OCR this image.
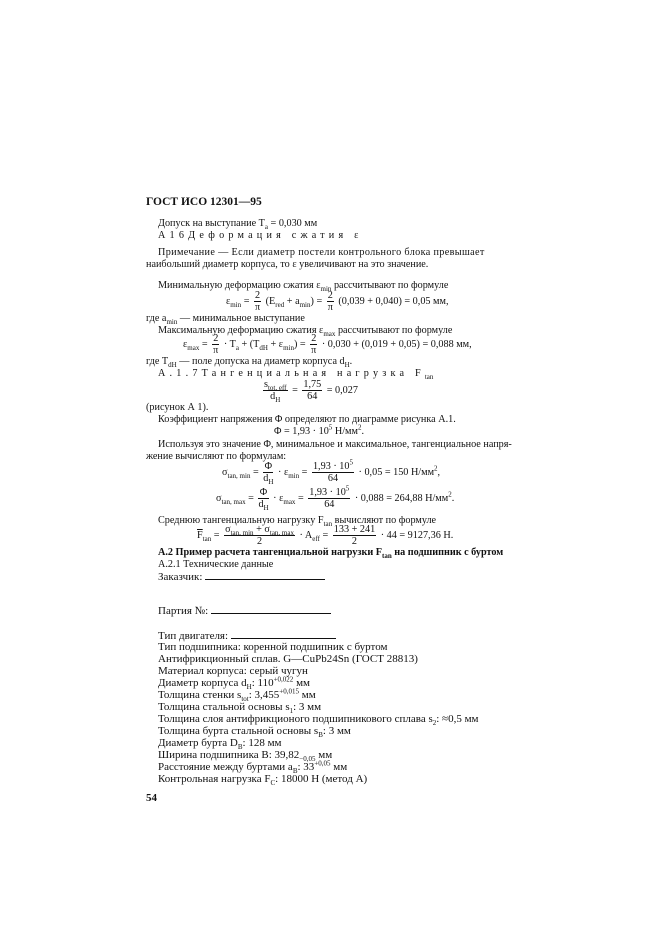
ГОСТ ИСО 12301—95
Допуск на выступание $T_a = 0,030$ мм
А16Деформация сжатия ε
Примечание — Если диаметр постели контрольного блока превышает
наибольший диаметр корпуса, то ε увеличивают на это значение.
Минимальную деформацию сжатия $\varepsilon_{min}$ рассчитывают по формуле
$\varepsilon_{min} = \frac{2}{\pi} (E_{red} + a_{min}) = \frac{2}{\pi} (0,039 + 0,040) = 0,05$ мм,
где $a_{min}$ — минимальное выступание
Максимальную деформацию сжатия $\varepsilon_{max}$ рассчитывают по формуле
$\varepsilon_{max} = \frac{2}{\pi} \cdot T_a + (T_{dH} + \varepsilon_{min}) = \frac{2}{\pi} \cdot 0,030 + (0,019 + 0,05) = 0,088$ мм,
где $T_{dH}$ — поле допуска на диаметр корпуса $d_H$.
А.1.7Тангенциальная нагрузка $F_{tan}$
$\frac{s_{tot, eff}}{d_H} = \frac{1,75}{64} = 0,027$
(рисунок А 1).
Коэффициент напряжения Φ определяют по диаграмме рисунка А.1.
$\Phi = 1,93 \cdot 10^5$ $Н/мм^2$.
Используя это значение Φ, минимальное и максимальное, тангенциальное напря-
жение вычисляют по формулам:
$\sigma_{tan, min} = \frac{\Phi}{d_H} \cdot \varepsilon_{min} = \frac{1,93 \cdot 10^5}{64} \cdot 0,05 = 150$ $Н/мм^2$,
$\sigma_{tan, max} = \frac{\Phi}{d_H} \cdot \varepsilon_{max} = \frac{1,93 \cdot 10^5}{64} \cdot 0,088 = 264,88$ $Н/мм^2$.
Среднюю тангенциальную нагрузку $F_{tan}$ вычисляют по формуле
$\overline{F}_{tan} = \frac{\sigma_{tan, min} + \sigma_{tan, max}}{2} \cdot A_{eff} = \frac{133 + 241}{2} \cdot 44 = 9127,36$ Н.
А.2 Пример расчета тангенциальной нагрузки $F_{tan}$ на подшипник с буртом
А.2.1 Технические данные
Заказчик:
Партия №:
Тип двигателя:
Тип подшипника: коренной подшипник с буртом
Антифрикционный сплав. G—CuPb24Sn (ГОСТ 28813)
Материал корпуса: серый чугун
Диаметр корпуса $d_H$: $110^{+0,022}$ мм
Толщина стенки $s_{tot}$: $3,455^{+0,015}$ мм
Толщина стальной основы $s_1$: 3 мм
Толщина слоя антифрикционого подшипникового сплава $s_2$: ≈0,5 мм
Толщина бурта стальной основы $s_B$: 3 мм
Диаметр бурта $D_B$: 128 мм
Ширина подшипника B: $39,82_{-0,05}$ мм
Расстояние между буртами $a_B$: $33^{+0,05}$ мм
Контрольная нагрузка $F_C$: 18000 Н (метод А)
54
